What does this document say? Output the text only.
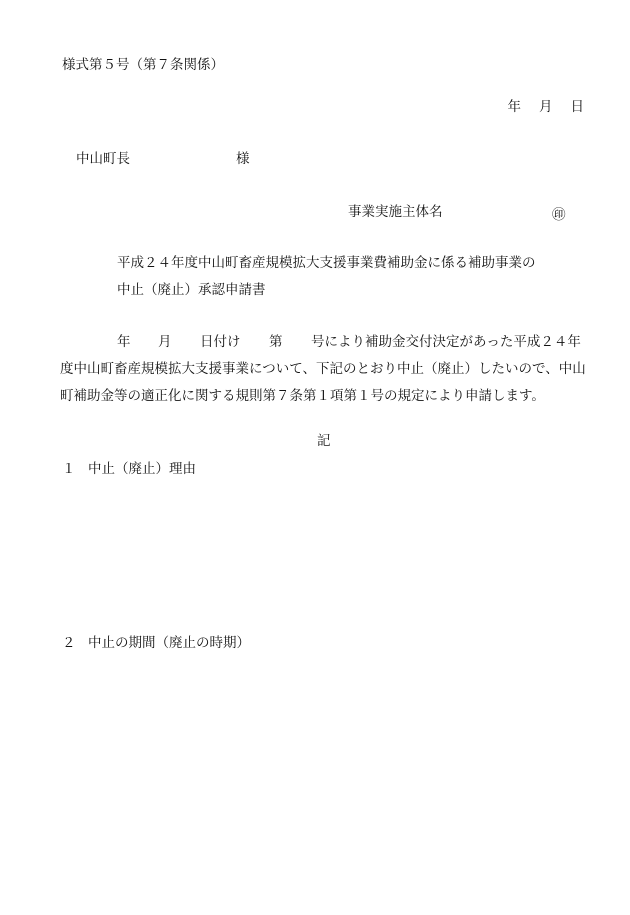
様式第５号（第７条関係）
年 月 日
中山町長	様
事業実施主体名	㊞
平成２４年度中山町畜産規模拡大支援事業費補助金に係る補助事業の
中止（廃止）承認申請書
年 月 日付け 第 号により補助金交付決定があった平成２４年
度中山町畜産規模拡大支援事業について、下記のとおり中止（廃止）したいので、中山
町補助金等の適正化に関する規則第７条第１項第１号の規定により申請します。
記
１ 中止（廃止）理由
２ 中止の期間（廃止の時期）
